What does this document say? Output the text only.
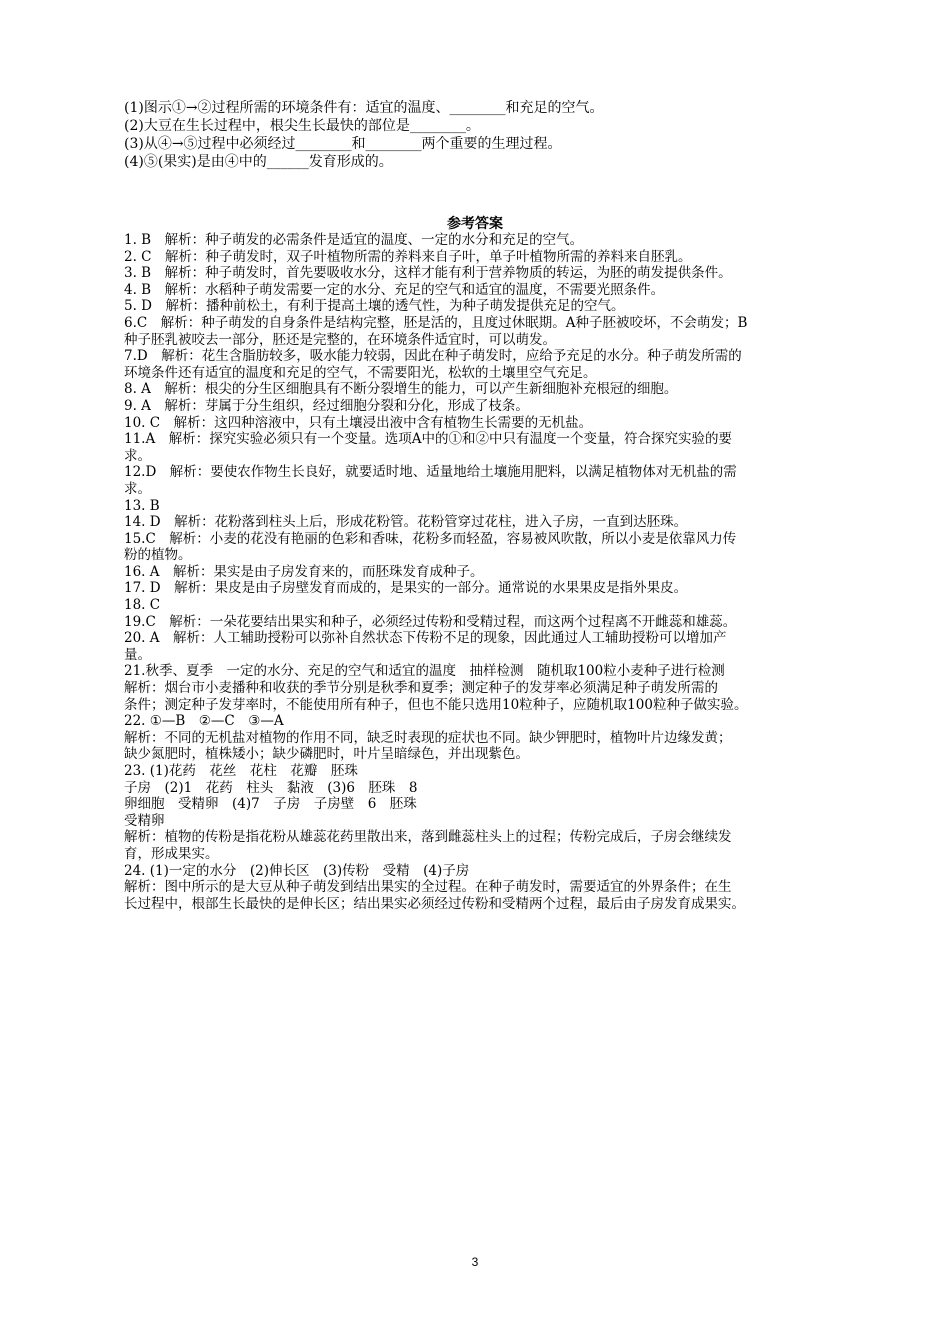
(1)图示①→②过程所需的环境条件有：适宜的温度、________和充足的空气。
(2)大豆在生长过程中，根尖生长最快的部位是________。
(3)从④→⑤过程中必须经过________和________两个重要的生理过程。
(4)⑤(果实)是由④中的______发育形成的。
参考答案
1. B　解析：种子萌发的必需条件是适宜的温度、一定的水分和充足的空气。
2. C　解析：种子萌发时，双子叶植物所需的养料来自子叶，单子叶植物所需的养料来自胚乳。
3. B　解析：种子萌发时，首先要吸收水分，这样才能有利于营养物质的转运，为胚的萌发提供条件。
4. B　解析：水稻种子萌发需要一定的水分、充足的空气和适宜的温度，不需要光照条件。
5. D　解析：播种前松土，有利于提高土壤的透气性，为种子萌发提供充足的空气。
6.C　解析：种子萌发的自身条件是结构完整，胚是活的，且度过休眠期。A种子胚被咬坏，不会萌发；B
种子胚乳被咬去一部分，胚还是完整的，在环境条件适宜时，可以萌发。
7.D　解析：花生含脂肪较多，吸水能力较弱，因此在种子萌发时，应给予充足的水分。种子萌发所需的
环境条件还有适宜的温度和充足的空气，不需要阳光，松软的土壤里空气充足。
8. A　解析：根尖的分生区细胞具有不断分裂增生的能力，可以产生新细胞补充根冠的细胞。
9. A　解析：芽属于分生组织，经过细胞分裂和分化，形成了枝条。
10. C　解析：这四种溶液中，只有土壤浸出液中含有植物生长需要的无机盐。
11.A　解析：探究实验必须只有一个变量。选项A中的①和②中只有温度一个变量，符合探究实验的要
求。
12.D　解析：要使农作物生长良好，就要适时地、适量地给土壤施用肥料，以满足植物体对无机盐的需
求。
13. B
14. D　解析：花粉落到柱头上后，形成花粉管。花粉管穿过花柱，进入子房，一直到达胚珠。
15.C　解析：小麦的花没有艳丽的色彩和香味，花粉多而轻盈，容易被风吹散，所以小麦是依靠风力传
粉的植物。
16. A　解析：果实是由子房发育来的，而胚珠发育成种子。
17. D　解析：果皮是由子房壁发育而成的，是果实的一部分。通常说的水果果皮是指外果皮。
18. C
19.C　解析：一朵花要结出果实和种子，必须经过传粉和受精过程，而这两个过程离不开雌蕊和雄蕊。
20. A　解析：人工辅助授粉可以弥补自然状态下传粉不足的现象，因此通过人工辅助授粉可以增加产
量。
21.秋季、夏季　一定的水分、充足的空气和适宜的温度　抽样检测　随机取100粒小麦种子进行检测
解析：烟台市小麦播种和收获的季节分别是秋季和夏季；测定种子的发芽率必须满足种子萌发所需的
条件；测定种子发芽率时，不能使用所有种子，但也不能只选用10粒种子，应随机取100粒种子做实验。
22. ①—B　②—C　③—A
解析：不同的无机盐对植物的作用不同，缺乏时表现的症状也不同。缺少钾肥时，植物叶片边缘发黄；
缺少氮肥时，植株矮小；缺少磷肥时，叶片呈暗绿色，并出现紫色。
23. (1)花药　花丝　花柱　花瓣　胚珠
子房　(2)1　花药　柱头　黏液　(3)6　胚珠　8
卵细胞　受精卵　(4)7　子房　子房壁　6　胚珠
受精卵
解析：植物的传粉是指花粉从雄蕊花药里散出来，落到雌蕊柱头上的过程；传粉完成后，子房会继续发
育，形成果实。
24. (1)一定的水分　(2)伸长区　(3)传粉　受精　(4)子房
解析：图中所示的是大豆从种子萌发到结出果实的全过程。在种子萌发时，需要适宜的外界条件；在生
长过程中，根部生长最快的是伸长区；结出果实必须经过传粉和受精两个过程，最后由子房发育成果实。
3
